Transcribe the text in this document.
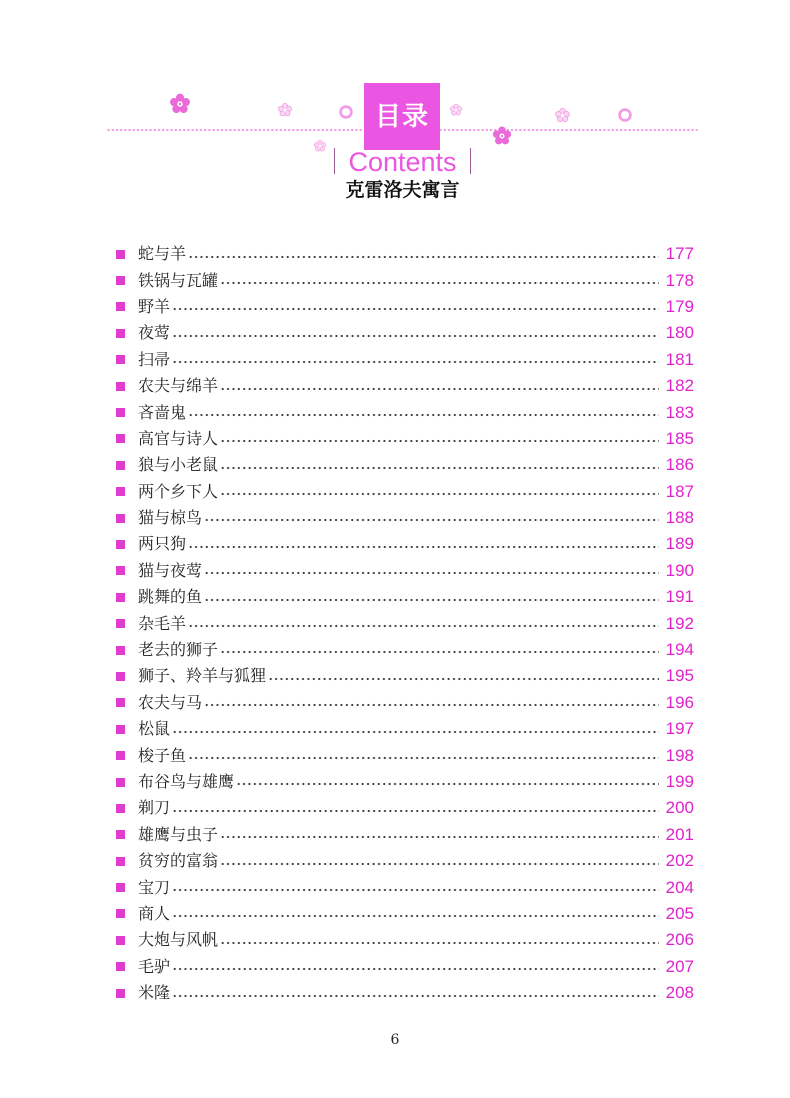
目录
Contents
克雷洛夫寓言
蛇与羊	177
铁锅与瓦罐	178
野羊	179
夜莺	180
扫帚	181
农夫与绵羊	182
吝啬鬼	183
高官与诗人	185
狼与小老鼠	186
两个乡下人	187
猫与椋鸟	188
两只狗	189
猫与夜莺	190
跳舞的鱼	191
杂毛羊	192
老去的狮子	194
狮子、羚羊与狐狸	195
农夫与马	196
松鼠	197
梭子鱼	198
布谷鸟与雄鹰	199
剃刀	200
雄鹰与虫子	201
贫穷的富翁	202
宝刀	204
商人	205
大炮与风帆	206
毛驴	207
米隆	208
6
